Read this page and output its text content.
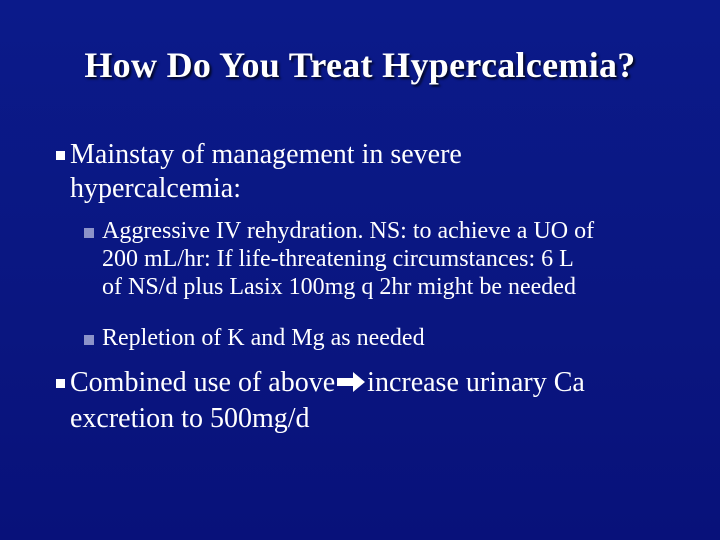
How Do You Treat Hypercalcemia?
Mainstay of management in severe
hypercalcemia:
Aggressive IV rehydration. NS: to achieve a UO of
200 mL/hr: If life-threatening circumstances: 6 L
of NS/d plus Lasix 100mg q 2hr might be needed
Repletion of K and Mg as needed
Combined use of above increase urinary Ca
excretion to 500mg/d
